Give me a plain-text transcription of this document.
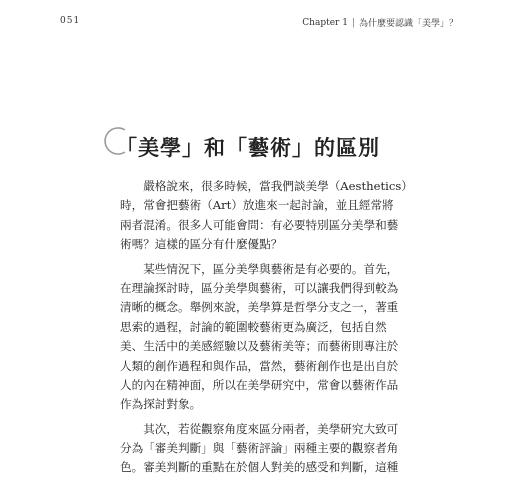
051	Chapter 1 | 為什麼要認識「美學」？
「美學」和「藝術」的區別
　　嚴格說來，很多時候，當我們談美學（Aesthetics）
時，常會把藝術（Art）放進來一起討論，並且經常將
兩者混淆。很多人可能會問：有必要特別區分美學和藝
術嗎？這樣的區分有什麼優點？
　　某些情況下，區分美學與藝術是有必要的。首先，
在理論探討時，區分美學與藝術，可以讓我們得到較為
清晰的概念。舉例來說，美學算是哲學分支之一，著重
思索的過程，討論的範圍較藝術更為廣泛，包括自然
美、生活中的美感經驗以及藝術美等；而藝術則專注於
人類的創作過程和與作品，當然，藝術創作也是出自於
人的內在精神面，所以在美學研究中，常會以藝術作品
作為探討對象。
　　其次，若從觀察角度來區分兩者，美學研究大致可
分為「審美判斷」與「藝術評論」兩種主要的觀察者角
色。審美判斷的重點在於個人對美的感受和判斷，這種
